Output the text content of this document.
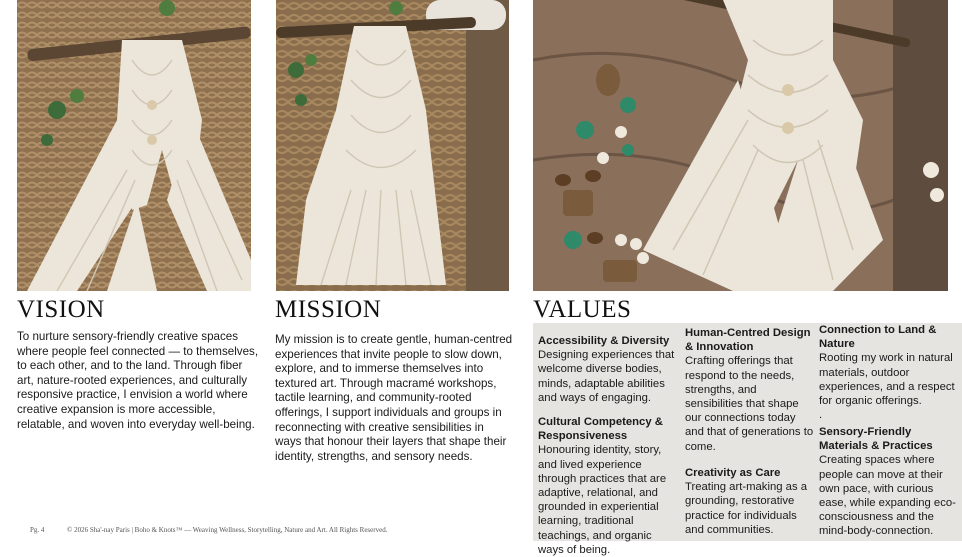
VISION	MISSION	VALUES

To nurture sensory-friendly creative spaces where people feel connected — to themselves, to each other, and to the land. Through fiber art, nature-rooted experiences, and culturally responsive practice, I envision a world where creative expansion is more accessible, relatable, and woven into everyday well-being.

My mission is to create gentle, human-centred experiences that invite people to slow down, explore, and to immerse themselves into textured art. Through macramé workshops, tactile learning, and community-rooted offerings, I support individuals and groups in reconnecting with creative sensibilities in ways that honour their layers that shape their identity, strengths, and sensory needs.

Accessibility & Diversity
Designing experiences that welcome diverse bodies, minds, adaptable abilities and ways of engaging.
Cultural Competency & Responsiveness
Honouring identity, story, and lived experience through practices that are adaptive, relational, and grounded in experiential learning, traditional teachings, and organic ways of being.
Human-Centred Design & Innovation
Crafting offerings that respond to the needs, strengths, and sensibilities that shape our connections today and that of generations to come.
Creativity as Care
Treating art-making as a grounding, restorative practice for individuals and communities.
Connection to Land & Nature
Rooting my work in natural materials, outdoor experiences, and a respect for organic offerings.
.
Sensory-Friendly Materials & Practices
Creating spaces where people can move at their own pace, with curious ease, while expanding eco-consciousness and the mind-body-connection.
Pg. 4	© 2026 Sha'-nay Paris | Boho & Knots™ — Weaving Wellness, Storytelling, Nature and Art. All Rights Reserved.
